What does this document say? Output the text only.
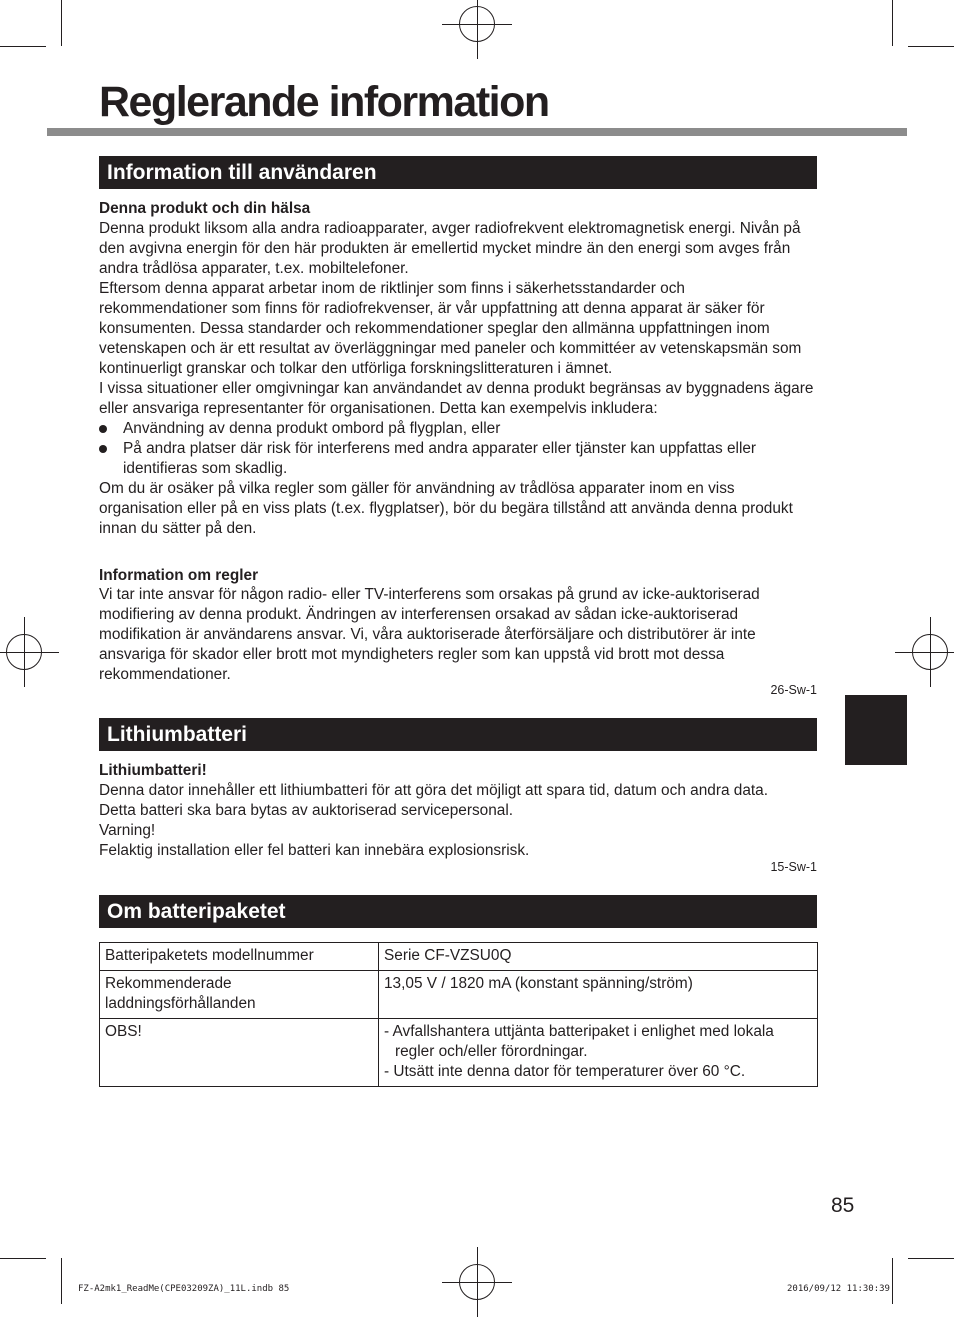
Reglerande information
Information till användaren

Denna produkt och din hälsa

Denna produkt liksom alla andra radioapparater, avger radiofrekvent elektromagnetisk energi. Nivån på den avgivna energin för den här produkten är emellertid mycket mindre än den energi som avges från andra trådlösa apparater, t.ex. mobiltelefoner.

Eftersom denna apparat arbetar inom de riktlinjer som finns i säkerhetsstandarder och rekommendationer som finns för radiofrekvenser, är vår uppfattning att denna apparat är säker för konsumenten. Dessa standarder och rekommendationer speglar den allmänna uppfattningen inom vetenskapen och är ett resultat av överläggningar med paneler och kommittéer av vetenskapsmän som kontinuerligt granskar och tolkar den utförliga forskningslitteraturen i ämnet.

I vissa situationer eller omgivningar kan användandet av denna produkt begränsas av byggnadens ägare eller ansvariga representanter för organisationen. Detta kan exempelvis inkludera:

Användning av denna produkt ombord på flygplan, eller
På andra platser där risk för interferens med andra apparater eller tjänster kan uppfattas eller identifieras som skadlig.

Om du är osäker på vilka regler som gäller för användning av trådlösa apparater inom en viss organisation eller på en viss plats (t.ex. flygplatser), bör du begära tillstånd att använda denna produkt innan du sätter på den.

Information om regler

Vi tar inte ansvar för någon radio- eller TV-interferens som orsakas på grund av icke-auktoriserad modifiering av denna produkt. Ändringen av interferensen orsakad av sådan icke-auktoriserad modifikation är användarens ansvar. Vi, våra auktoriserade återförsäljare och distributörer är inte ansvariga för skador eller brott mot myndigheters regler som kan uppstå vid brott mot dessa rekommendationer.

26-Sw-1
Lithiumbatteri

Lithiumbatteri!

Denna dator innehåller ett lithiumbatteri för att göra det möjligt att spara tid, datum och andra data.

Detta batteri ska bara bytas av auktoriserad servicepersonal.

Varning!

Felaktig installation eller fel batteri kan innebära explosionsrisk.

15-Sw-1
Om batteripaketet
Batteripaketets modellnummer	Serie CF-VZSU0Q
Rekommenderade laddningsförhållanden	13,05 V / 1820 mA (konstant spänning/ström)
OBS!	- Avfallshantera uttjänta batteripaket i enlighet med lokala regler och/eller förordningar.
- Utsätt inte denna dator för temperaturer över 60 °C.
85
FZ-A2mk1_ReadMe(CPE03209ZA)_11L.indb 85	2016/09/12 11:30:39
